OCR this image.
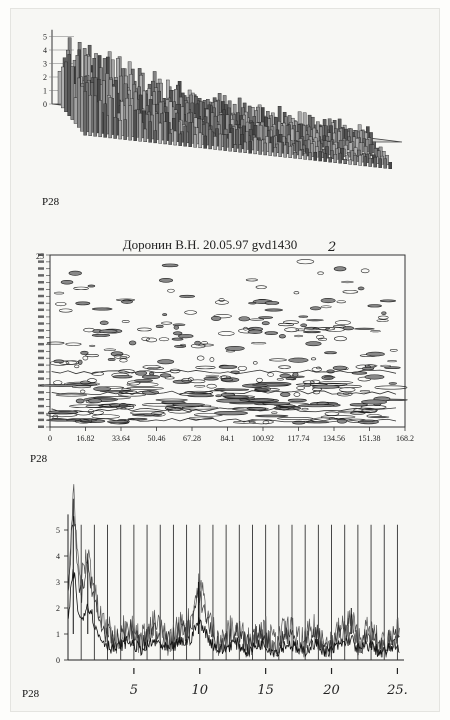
0
1
2
3
4
5
P28
Доронин В.Н. 20.05.97 gvd1430 2
25
0	16.82 33.64 50.46 67.28 84.1 100.92 117.74 134.56 151.38 168.2
P28
0
1
2
3
4
5
5	10	15	20	25.
P28
